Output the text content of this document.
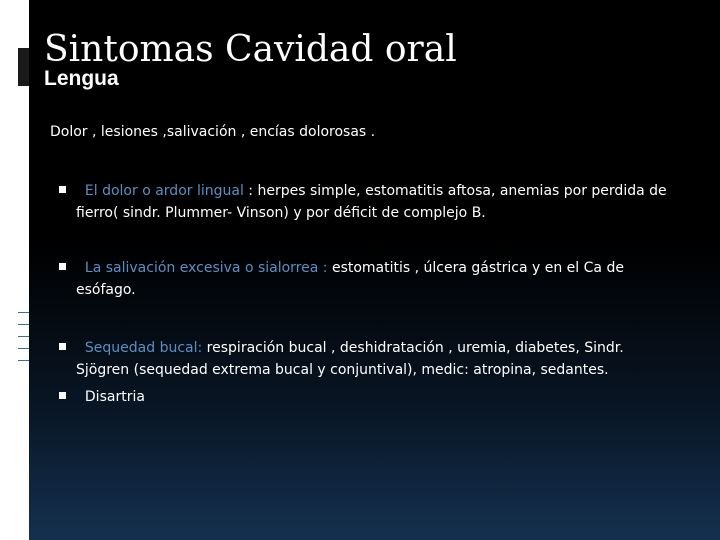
Sintomas Cavidad oral
Lengua
Dolor , lesiones ,salivación , encías dolorosas .
El dolor o ardor lingual : herpes simple, estomatitis aftosa, anemias por perdida de fierro( sindr. Plummer- Vinson) y por déficit de complejo B.
La salivación excesiva o sialorrea : estomatitis , úlcera gástrica y en el Ca de esófago.
Sequedad bucal: respiración bucal , deshidratación , uremia, diabetes, Sindr. Sjögren (sequedad extrema bucal y conjuntival), medic: atropina, sedantes.
Disartria
